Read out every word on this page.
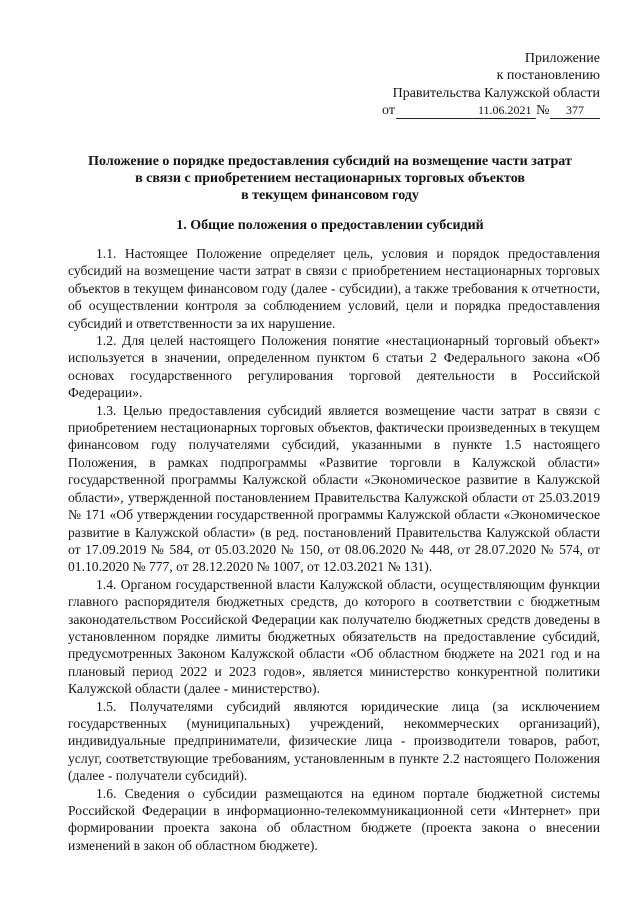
Приложение
к постановлению
Правительства Калужской области
от	11.06.2021 №	377
Положение о порядке предоставления субсидий на возмещение части затрат
в связи с приобретением нестационарных торговых объектов
в текущем финансовом году
1. Общие положения о предоставлении субсидий

1.1. Настоящее Положение определяет цель, условия и порядок предоставления субсидий на возмещение части затрат в связи с приобретением нестационарных торговых объектов в текущем финансовом году (далее - субсидии), а также требования к отчетности, об осуществлении контроля за соблюдением условий, цели и порядка предоставления субсидий и ответственности за их нарушение.

1.2. Для целей настоящего Положения понятие «нестационарный торговый объект» используется в значении, определенном пунктом 6 статьи 2 Федерального закона «Об основах государственного регулирования торговой деятельности в Российской Федерации».

1.3. Целью предоставления субсидий является возмещение части затрат в связи с приобретением нестационарных торговых объектов, фактически произведенных в текущем финансовом году получателями субсидий, указанными в пункте 1.5 настоящего Положения, в рамках подпрограммы «Развитие торговли в Калужской области» государственной программы Калужской области «Экономическое развитие в Калужской области», утвержденной постановлением Правительства Калужской области от 25.03.2019 № 171 «Об утверждении государственной программы Калужской области «Экономическое развитие в Калужской области» (в ред. постановлений Правительства Калужской области от 17.09.2019 № 584, от 05.03.2020 № 150, от 08.06.2020 № 448, от 28.07.2020 № 574, от 01.10.2020 № 777, от 28.12.2020 № 1007, от 12.03.2021 № 131).

1.4. Органом государственной власти Калужской области, осуществляющим функции главного распорядителя бюджетных средств, до которого в соответствии с бюджетным законодательством Российской Федерации как получателю бюджетных средств доведены в установленном порядке лимиты бюджетных обязательств на предоставление субсидий, предусмотренных Законом Калужской области «Об областном бюджете на 2021 год и на плановый период 2022 и 2023 годов», является министерство конкурентной политики Калужской области (далее - министерство).

1.5. Получателями субсидий являются юридические лица (за исключением государственных (муниципальных) учреждений, некоммерческих организаций), индивидуальные предприниматели, физические лица - производители товаров, работ, услуг, соответствующие требованиям, установленным в пункте 2.2 настоящего Положения (далее - получатели субсидий).

1.6. Сведения о субсидии размещаются на едином портале бюджетной системы Российской Федерации в информационно-телекоммуникационной сети «Интернет» при формировании проекта закона об областном бюджете (проекта закона о внесении изменений в закон об областном бюджете).
